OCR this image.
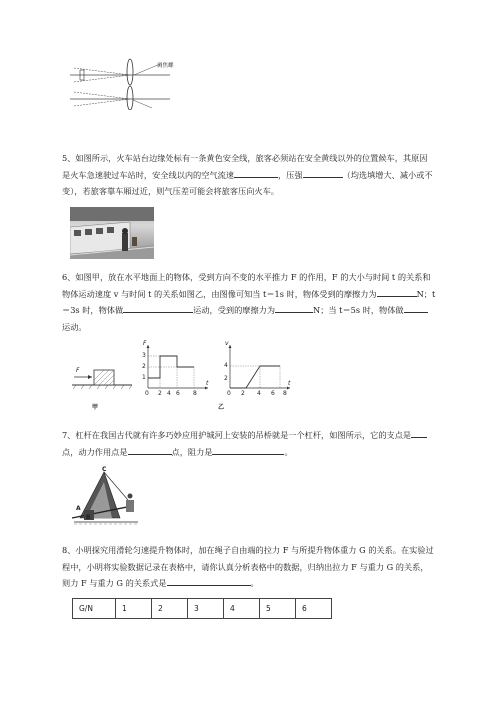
调焦螺

5、如图所示，火车站台边缘处标有一条黄色安全线，旅客必须站在安全黄线以外的位置候车，其原因

是火车急速驶过车站时，安全线以内的空气流速	，压强	（均选填增大、减小或不

变），若旅客靠车厢过近，则气压差可能会将旅客压向火车。

6、如图甲，放在水平地面上的物体，受到方向不变的水平推力 F 的作用，F 的大小与时间 t 的关系和

物体运动速度 v 与时间 t 的关系如图乙，由图像可知当 t＝1s 时，物体受到的摩擦力为	N；t

＝3s 时，物体做	运动，受到的摩擦力为	N；当 t＝5s 时，物体做

运动。

F
甲
F
t
3
2
1
0 2 4 6 8
v
t
4
2
0 2 4 6 8
乙

7、杠杆在我国古代就有许多巧妙应用护城河上安装的吊桥就是一个杠杆，如图所示，它的支点是

点，动力作用点是	点，阻力是	。

C
A
B

8、小明探究用滑轮匀速提升物体时，加在绳子自由端的拉力 F 与所提升物体重力 G 的关系。在实验过

程中，小明将实验数据记录在表格中，请你认真分析表格中的数据，归纳出拉力 F 与重力 G 的关系，

则力 F 与重力 G 的关系式是	。

G/N	1	2	3	4	5	6
